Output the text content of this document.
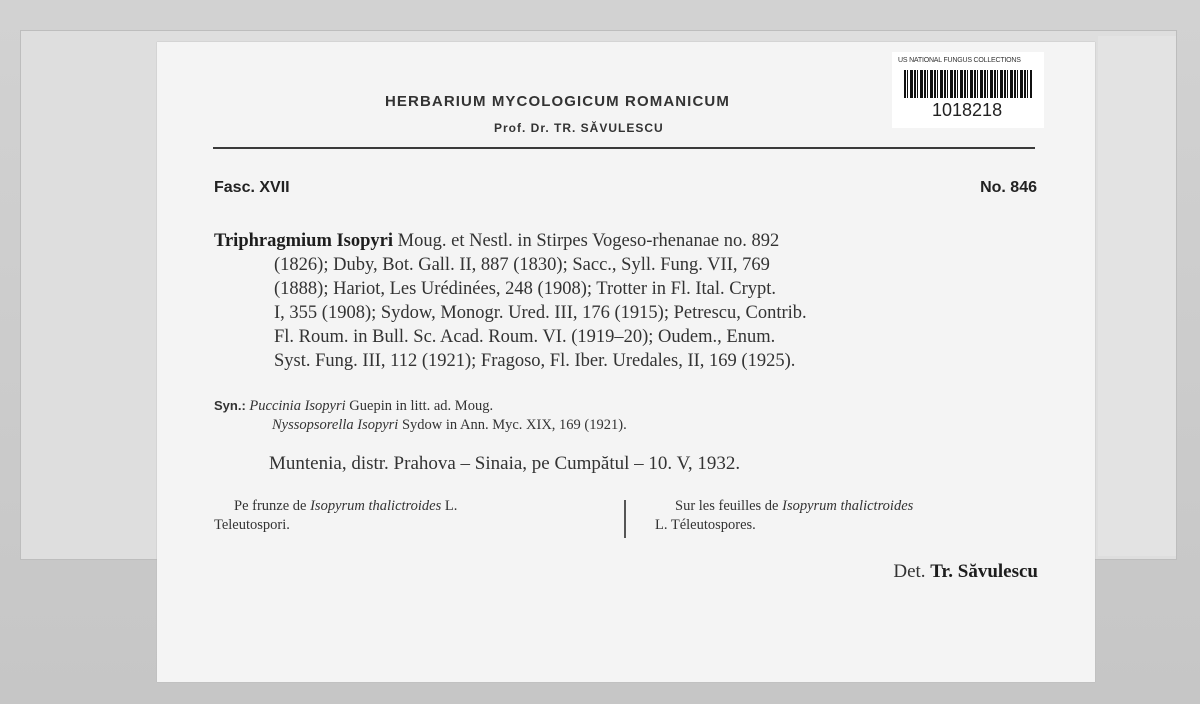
US NATIONAL FUNGUS COLLECTIONS
1018218
HERBARIUM MYCOLOGICUM ROMANICUM
Prof. Dr. TR. SĂVULESCU
Fasc. XVII	No. 846
Triphragmium Isopyri Moug. et Nestl. in Stirpes Vogeso-rhenanae no. 892
(1826); Duby, Bot. Gall. II, 887 (1830); Sacc., Syll. Fung. VII, 769
(1888); Hariot, Les Urédinées, 248 (1908); Trotter in Fl. Ital. Crypt.
I, 355 (1908); Sydow, Monogr. Ured. III, 176 (1915); Petrescu, Contrib.
Fl. Roum. in Bull. Sc. Acad. Roum. VI. (1919–20); Oudem., Enum.
Syst. Fung. III, 112 (1921); Fragoso, Fl. Iber. Uredales, II, 169 (1925).
Syn.: Puccinia Isopyri Guepin in litt. ad. Moug.
Nyssopsorella Isopyri Sydow in Ann. Myc. XIX, 169 (1921).
Muntenia, distr. Prahova – Sinaia, pe Cumpătul – 10. V, 1932.
Pe frunze de Isopyrum thalictroides L.
Teleutospori.
Sur les feuilles de Isopyrum thalictroides
L. Téleutospores.
Det. Tr. Săvulescu
